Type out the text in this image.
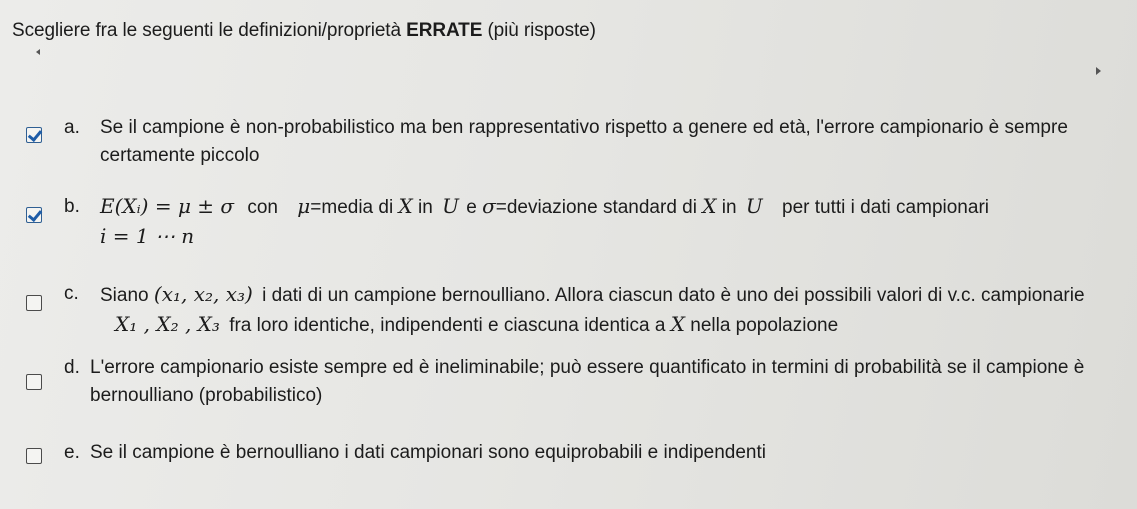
Scegliere fra le seguenti le definizioni/proprietà ERRATE (più risposte)
a. Se il campione è non-probabilistico ma ben rappresentativo rispetto a genere ed età, l'errore campionario è sempre
certamente piccolo
b. E(Xᵢ) = μ ± σ con μ=media di X in U e σ=deviazione standard di X in U per tutti i dati campionari
i = 1 ⋯ n
c. Siano (x₁, x₂, x₃) i dati di un campione bernoulliano. Allora ciascun dato è uno dei possibili valori di v.c. campionarie
X₁ , X₂ , X₃ fra loro identiche, indipendenti e ciascuna identica a X nella popolazione
d. L'errore campionario esiste sempre ed è ineliminabile; può essere quantificato in termini di probabilità se il campione è
bernoulliano (probabilistico)
e. Se il campione è bernoulliano i dati campionari sono equiprobabili e indipendenti
